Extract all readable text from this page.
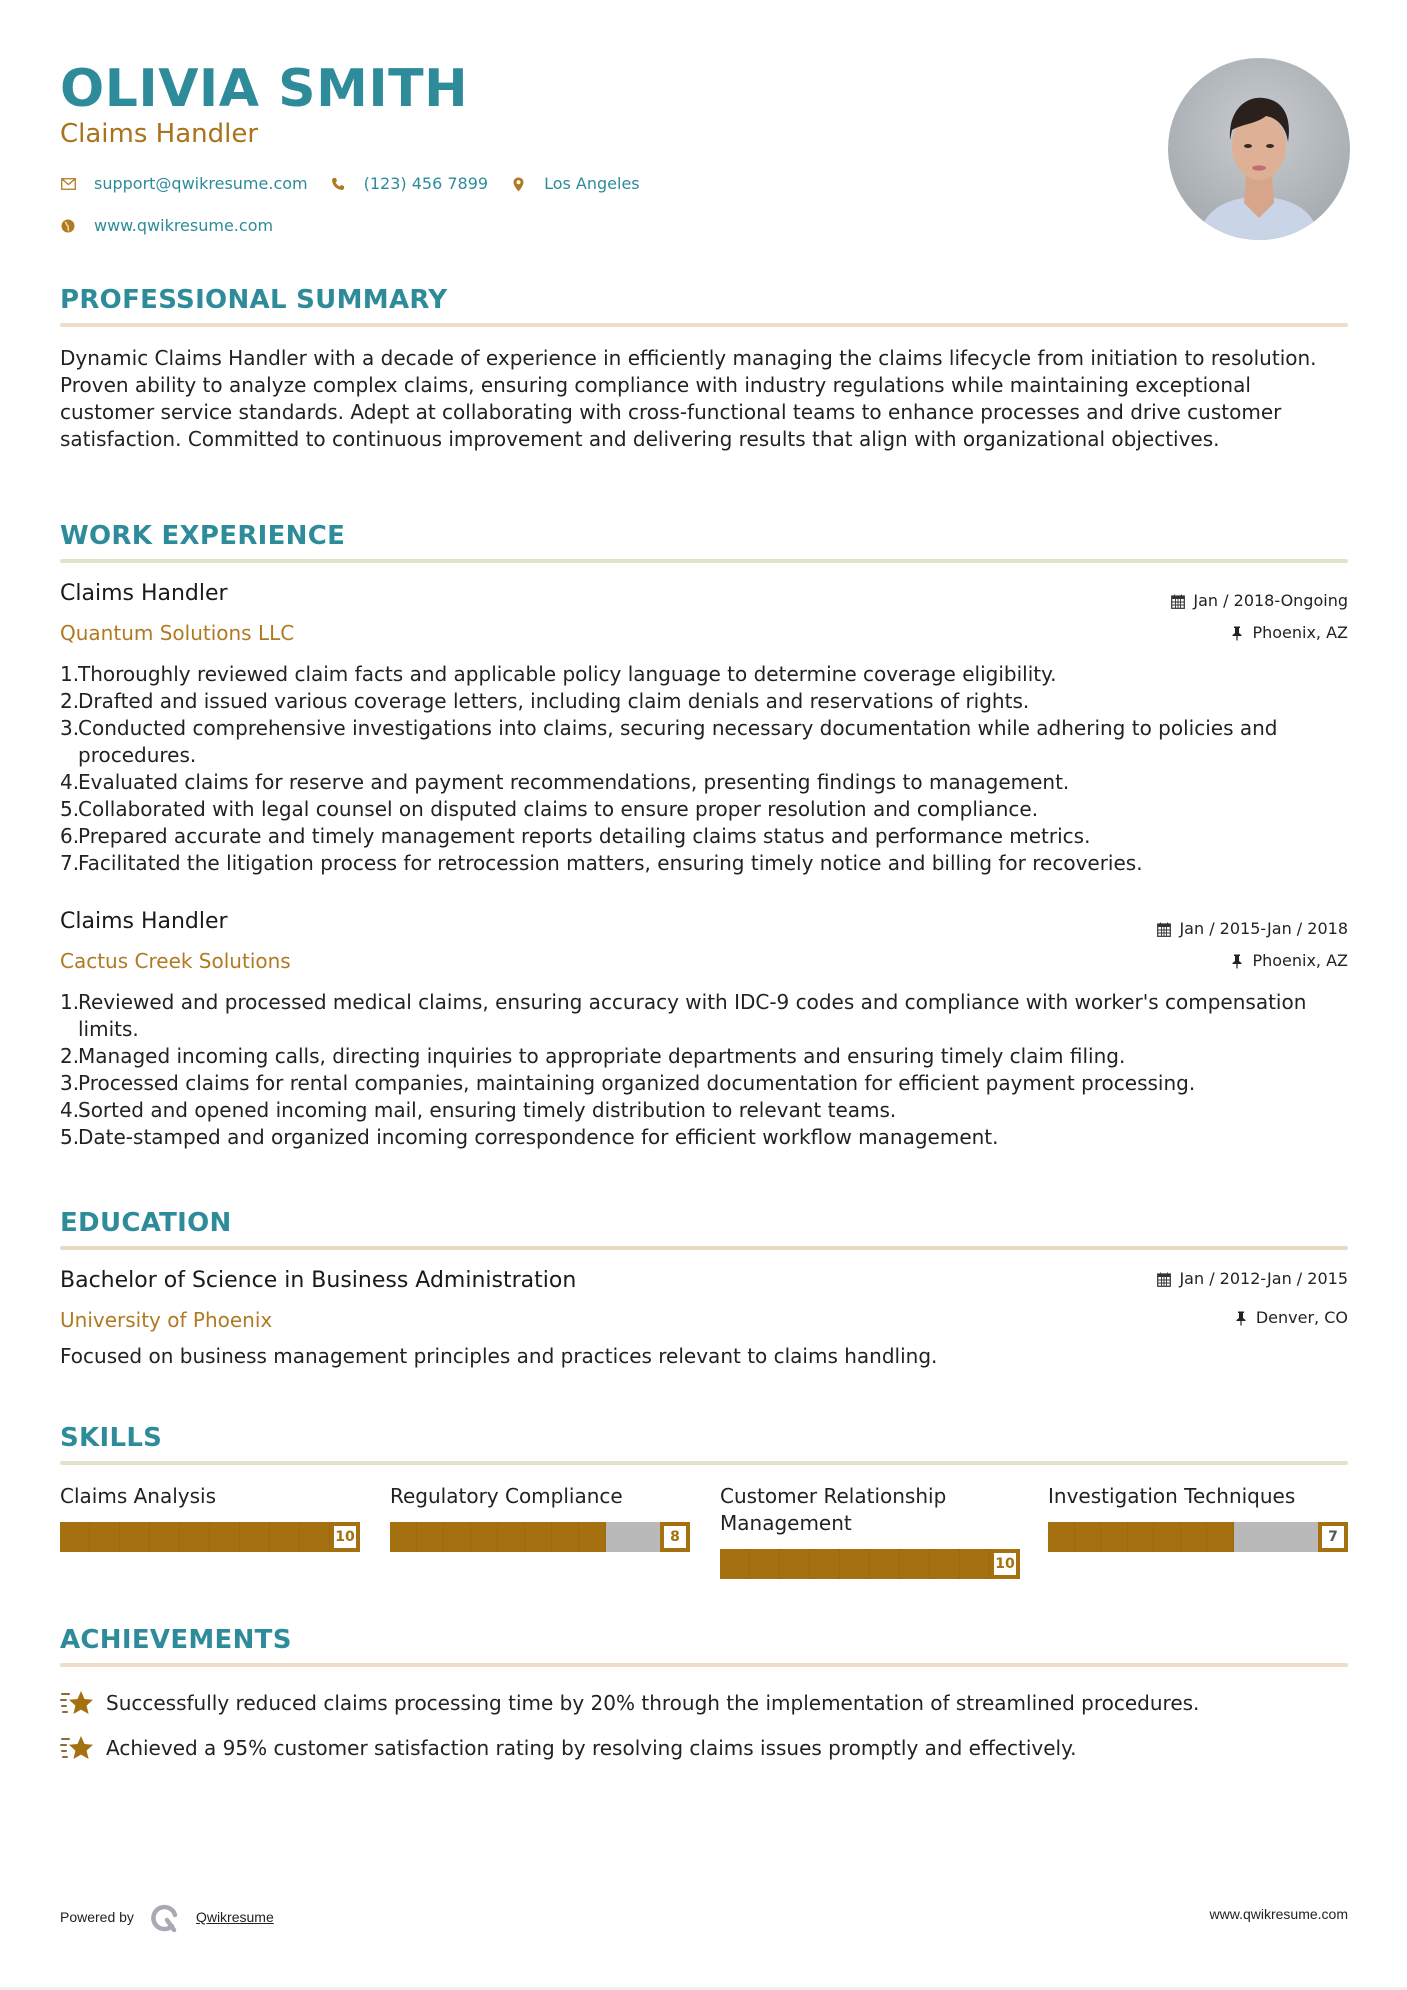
OLIVIA SMITH
Claims Handler
support@qwikresume.com	(123) 456 7899	Los Angeles
www.qwikresume.com
PROFESSIONAL SUMMARY

Dynamic Claims Handler with a decade of experience in efficiently managing the claims lifecycle from initiation to resolution. Proven ability to analyze complex claims, ensuring compliance with industry regulations while maintaining exceptional customer service standards. Adept at collaborating with cross-functional teams to enhance processes and drive customer satisfaction. Committed to continuous improvement and delivering results that align with organizational objectives.

WORK EXPERIENCE
Claims Handler	Jan / 2018-Ongoing
Quantum Solutions LLC	Phoenix, AZ
1.
Thoroughly reviewed claim facts and applicable policy language to determine coverage eligibility.
2.
Drafted and issued various coverage letters, including claim denials and reservations of rights.
3.
Conducted comprehensive investigations into claims, securing necessary documentation while adhering to policies and procedures.
4.
Evaluated claims for reserve and payment recommendations, presenting findings to management.
5.
Collaborated with legal counsel on disputed claims to ensure proper resolution and compliance.
6.
Prepared accurate and timely management reports detailing claims status and performance metrics.
7.
Facilitated the litigation process for retrocession matters, ensuring timely notice and billing for recoveries.
Claims Handler	Jan / 2015-Jan / 2018
Cactus Creek Solutions	Phoenix, AZ
1.
Reviewed and processed medical claims, ensuring accuracy with IDC-9 codes and compliance with worker's compensation limits.
2.
Managed incoming calls, directing inquiries to appropriate departments and ensuring timely claim filing.
3.
Processed claims for rental companies, maintaining organized documentation for efficient payment processing.
4.
Sorted and opened incoming mail, ensuring timely distribution to relevant teams.
5.
Date-stamped and organized incoming correspondence for efficient workflow management.
EDUCATION
Bachelor of Science in Business Administration	Jan / 2012-Jan / 2015
University of Phoenix	Denver, CO

Focused on business management principles and practices relevant to claims handling.

SKILLS
Claims Analysis
10
Regulatory Compliance
8
Customer Relationship Management
10
Investigation Techniques
7
ACHIEVEMENTS
Successfully reduced claims processing time by 20% through the implementation of streamlined procedures.
Achieved a 95% customer satisfaction rating by resolving claims issues promptly and effectively.
Powered by	Qwikresume	www.qwikresume.com
